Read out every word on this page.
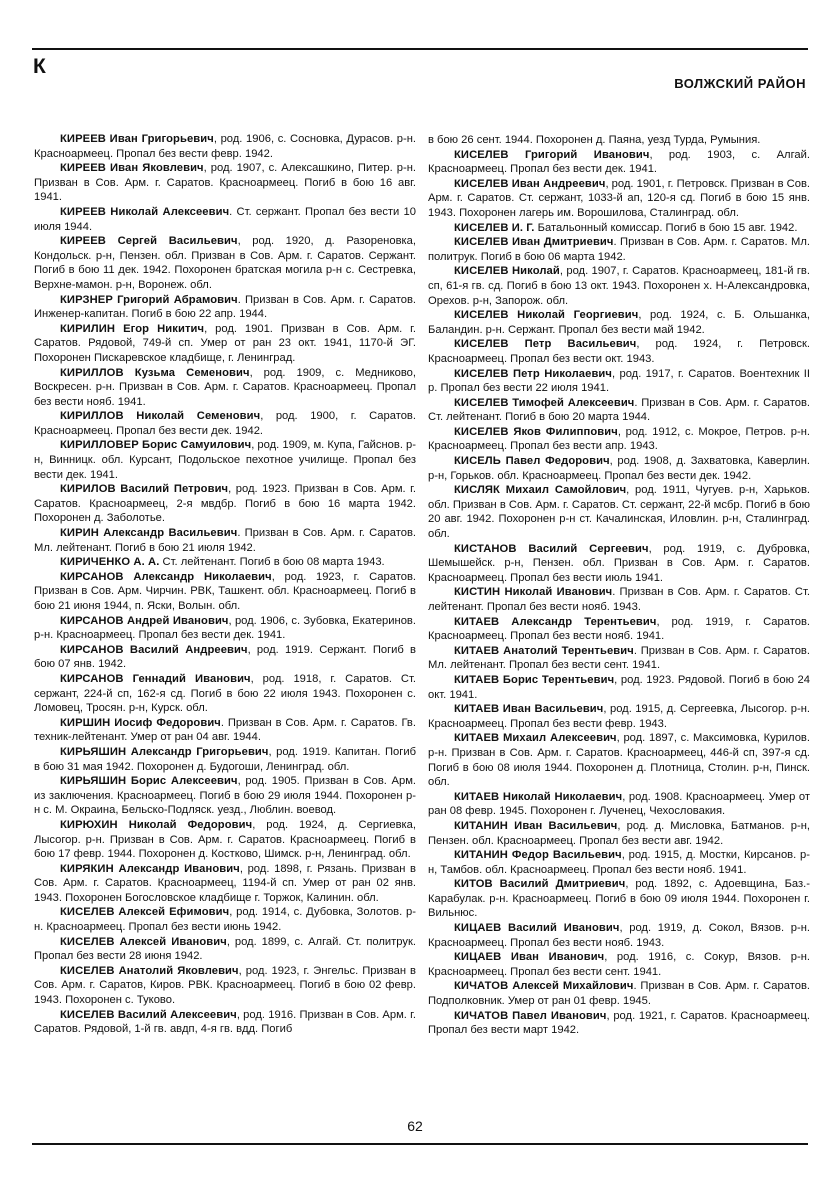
К
ВОЛЖСКИЙ РАЙОН

КИРЕЕВ Иван Григорьевич, род. 1906, с. Сосновка, Дурасов. р-н. Красноармеец. Пропал без вести февр. 1942.

КИРЕЕВ Иван Яковлевич, род. 1907, с. Алексашкино, Питер. р-н. Призван в Сов. Арм. г. Саратов. Красноармеец. Погиб в бою 16 авг. 1941.

КИРЕЕВ Николай Алексеевич. Ст. сержант. Пропал без вести 10 июля 1944.

КИРЕЕВ Сергей Васильевич, род. 1920, д. Разореновка, Кондольск. р-н, Пензен. обл. Призван в Сов. Арм. г. Саратов. Сержант. Погиб в бою 11 дек. 1942. Похоронен братская могила р-н с. Сестревка, Верхне-мамон. р-н, Воронеж. обл.

КИРЗНЕР Григорий Абрамович. Призван в Сов. Арм. г. Саратов. Инженер-капитан. Погиб в бою 22 апр. 1944.

КИРИЛИН Егор Никитич, род. 1901. Призван в Сов. Арм. г. Саратов. Рядовой, 749-й сп. Умер от ран 23 окт. 1941, 1170-й ЭГ. Похоронен Пискаревское кладбище, г. Ленинград.

КИРИЛЛОВ Кузьма Семенович, род. 1909, с. Медниково, Воскресен. р-н. Призван в Сов. Арм. г. Саратов. Красноармеец. Пропал без вести нояб. 1941.

КИРИЛЛОВ Николай Семенович, род. 1900, г. Саратов. Красноармеец. Пропал без вести дек. 1942.

КИРИЛЛОВЕР Борис Самуилович, род. 1909, м. Купа, Гайснов. р-н, Винницк. обл. Курсант, Подольское пехотное училище. Пропал без вести дек. 1941.

КИРИЛОВ Василий Петрович, род. 1923. Призван в Сов. Арм. г. Саратов. Красноармеец, 2-я мвдбр. Погиб в бою 16 марта 1942. Похоронен д. Заболотье.

КИРИН Александр Васильевич. Призван в Сов. Арм. г. Саратов. Мл. лейтенант. Погиб в бою 21 июля 1942.

КИРИЧЕНКО А. А. Ст. лейтенант. Погиб в бою 08 марта 1943.

КИРСАНОВ Александр Николаевич, род. 1923, г. Саратов. Призван в Сов. Арм. Чирчин. РВК, Ташкент. обл. Красноармеец. Погиб в бою 21 июня 1944, п. Яски, Волын. обл.

КИРСАНОВ Андрей Иванович, род. 1906, с. Зубовка, Екатеринов. р-н. Красноармеец. Пропал без вести дек. 1941.

КИРСАНОВ Василий Андреевич, род. 1919. Сержант. Погиб в бою 07 янв. 1942.

КИРСАНОВ Геннадий Иванович, род. 1918, г. Саратов. Ст. сержант, 224-й сп, 162-я сд. Погиб в бою 22 июля 1943. Похоронен с. Ломовец, Тросян. р-н, Курск. обл.

КИРШИН Иосиф Федорович. Призван в Сов. Арм. г. Саратов. Гв. техник-лейтенант. Умер от ран 04 авг. 1944.

КИРЬЯШИН Александр Григорьевич, род. 1919. Капитан. Погиб в бою 31 мая 1942. Похоронен д. Будогоши, Ленинград. обл.

КИРЬЯШИН Борис Алексеевич, род. 1905. Призван в Сов. Арм. из заключения. Красноармеец. Погиб в бою 29 июля 1944. Похоронен р-н с. М. Окраина, Бельско-Подляск. уезд., Люблин. воевод.

КИРЮХИН Николай Федорович, род. 1924, д. Сергиевка, Лысогор. р-н. Призван в Сов. Арм. г. Саратов. Красноармеец. Погиб в бою 17 февр. 1944. Похоронен д. Костково, Шимск. р-н, Ленинград. обл.

КИРЯКИН Александр Иванович, род. 1898, г. Рязань. Призван в Сов. Арм. г. Саратов. Красноармеец, 1194-й сп. Умер от ран 02 янв. 1943. Похоронен Богословское кладбище г. Торжок, Калинин. обл.

КИСЕЛЕВ Алексей Ефимович, род. 1914, с. Дубовка, Золотов. р-н. Красноармеец. Пропал без вести июнь 1942.

КИСЕЛЕВ Алексей Иванович, род. 1899, с. Алгай. Ст. политрук. Пропал без вести 28 июня 1942.

КИСЕЛЕВ Анатолий Яковлевич, род. 1923, г. Энгельс. Призван в Сов. Арм. г. Саратов, Киров. РВК. Красноармеец. Погиб в бою 02 февр. 1943. Похоронен с. Туково.

КИСЕЛЕВ Василий Алексеевич, род. 1916. Призван в Сов. Арм. г. Саратов. Рядовой, 1-й гв. авдп, 4-я гв. вдд. Погиб

в бою 26 сент. 1944. Похоронен д. Паяна, уезд Турда, Румыния.

КИСЕЛЕВ Григорий Иванович, род. 1903, с. Алгай. Красноармеец. Пропал без вести дек. 1941.

КИСЕЛЕВ Иван Андреевич, род. 1901, г. Петровск. Призван в Сов. Арм. г. Саратов. Ст. сержант, 1033-й ап, 120-я сд. Погиб в бою 15 янв. 1943. Похоронен лагерь им. Ворошилова, Сталинград. обл.

КИСЕЛЕВ И. Г. Батальонный комиссар. Погиб в бою 15 авг. 1942.

КИСЕЛЕВ Иван Дмитриевич. Призван в Сов. Арм. г. Саратов. Мл. политрук. Погиб в бою 06 марта 1942.

КИСЕЛЕВ Николай, род. 1907, г. Саратов. Красноармеец, 181-й гв. сп, 61-я гв. сд. Погиб в бою 13 окт. 1943. Похоронен х. Н-Александровка, Орехов. р-н, Запорож. обл.

КИСЕЛЕВ Николай Георгиевич, род. 1924, с. Б. Ольшанка, Баландин. р-н. Сержант. Пропал без вести май 1942.

КИСЕЛЕВ Петр Васильевич, род. 1924, г. Петровск. Красноармеец. Пропал без вести окт. 1943.

КИСЕЛЕВ Петр Николаевич, род. 1917, г. Саратов. Воентехник II р. Пропал без вести 22 июля 1941.

КИСЕЛЕВ Тимофей Алексеевич. Призван в Сов. Арм. г. Саратов. Ст. лейтенант. Погиб в бою 20 марта 1944.

КИСЕЛЕВ Яков Филиппович, род. 1912, с. Мокрое, Петров. р-н. Красноармеец. Пропал без вести апр. 1943.

КИСЕЛЬ Павел Федорович, род. 1908, д. Захватовка, Каверлин. р-н, Горьков. обл. Красноармеец. Пропал без вести дек. 1942.

КИСЛЯК Михаил Самойлович, род. 1911, Чугуев. р-н, Харьков. обл. Призван в Сов. Арм. г. Саратов. Ст. сержант, 22-й мсбр. Погиб в бою 20 авг. 1942. Похоронен р-н ст. Качалинская, Иловлин. р-н, Сталинград. обл.

КИСТАНОВ Василий Сергеевич, род. 1919, с. Дубровка, Шемышейск. р-н, Пензен. обл. Призван в Сов. Арм. г. Саратов. Красноармеец. Пропал без вести июль 1941.

КИСТИН Николай Иванович. Призван в Сов. Арм. г. Саратов. Ст. лейтенант. Пропал без вести нояб. 1943.

КИТАЕВ Александр Терентьевич, род. 1919, г. Саратов. Красноармеец. Пропал без вести нояб. 1941.

КИТАЕВ Анатолий Терентьевич. Призван в Сов. Арм. г. Саратов. Мл. лейтенант. Пропал без вести сент. 1941.

КИТАЕВ Борис Терентьевич, род. 1923. Рядовой. Погиб в бою 24 окт. 1941.

КИТАЕВ Иван Васильевич, род. 1915, д. Сергеевка, Лысогор. р-н. Красноармеец. Пропал без вести февр. 1943.

КИТАЕВ Михаил Алексеевич, род. 1897, с. Максимовка, Курилов. р-н. Призван в Сов. Арм. г. Саратов. Красноармеец, 446-й сп, 397-я сд. Погиб в бою 08 июля 1944. Похоронен д. Плотница, Столин. р-н, Пинск. обл.

КИТАЕВ Николай Николаевич, род. 1908. Красноармеец. Умер от ран 08 февр. 1945. Похоронен г. Лученец, Чехословакия.

КИТАНИН Иван Васильевич, род. д. Мисловка, Батманов. р-н, Пензен. обл. Красноармеец. Пропал без вести авг. 1942.

КИТАНИН Федор Васильевич, род. 1915, д. Мостки, Кирсанов. р-н, Тамбов. обл. Красноармеец. Пропал без вести нояб. 1941.

КИТОВ Василий Дмитриевич, род. 1892, с. Адоевщина, Баз.-Карабулак. р-н. Красноармеец. Погиб в бою 09 июля 1944. Похоронен г. Вильнюс.

КИЦАЕВ Василий Иванович, род. 1919, д. Сокол, Вязов. р-н. Красноармеец. Пропал без вести нояб. 1943.

КИЦАЕВ Иван Иванович, род. 1916, с. Сокур, Вязов. р-н. Красноармеец. Пропал без вести сент. 1941.

КИЧАТОВ Алексей Михайлович. Призван в Сов. Арм. г. Саратов. Подполковник. Умер от ран 01 февр. 1945.

КИЧАТОВ Павел Иванович, род. 1921, г. Саратов. Красноармеец. Пропал без вести март 1942.

62
